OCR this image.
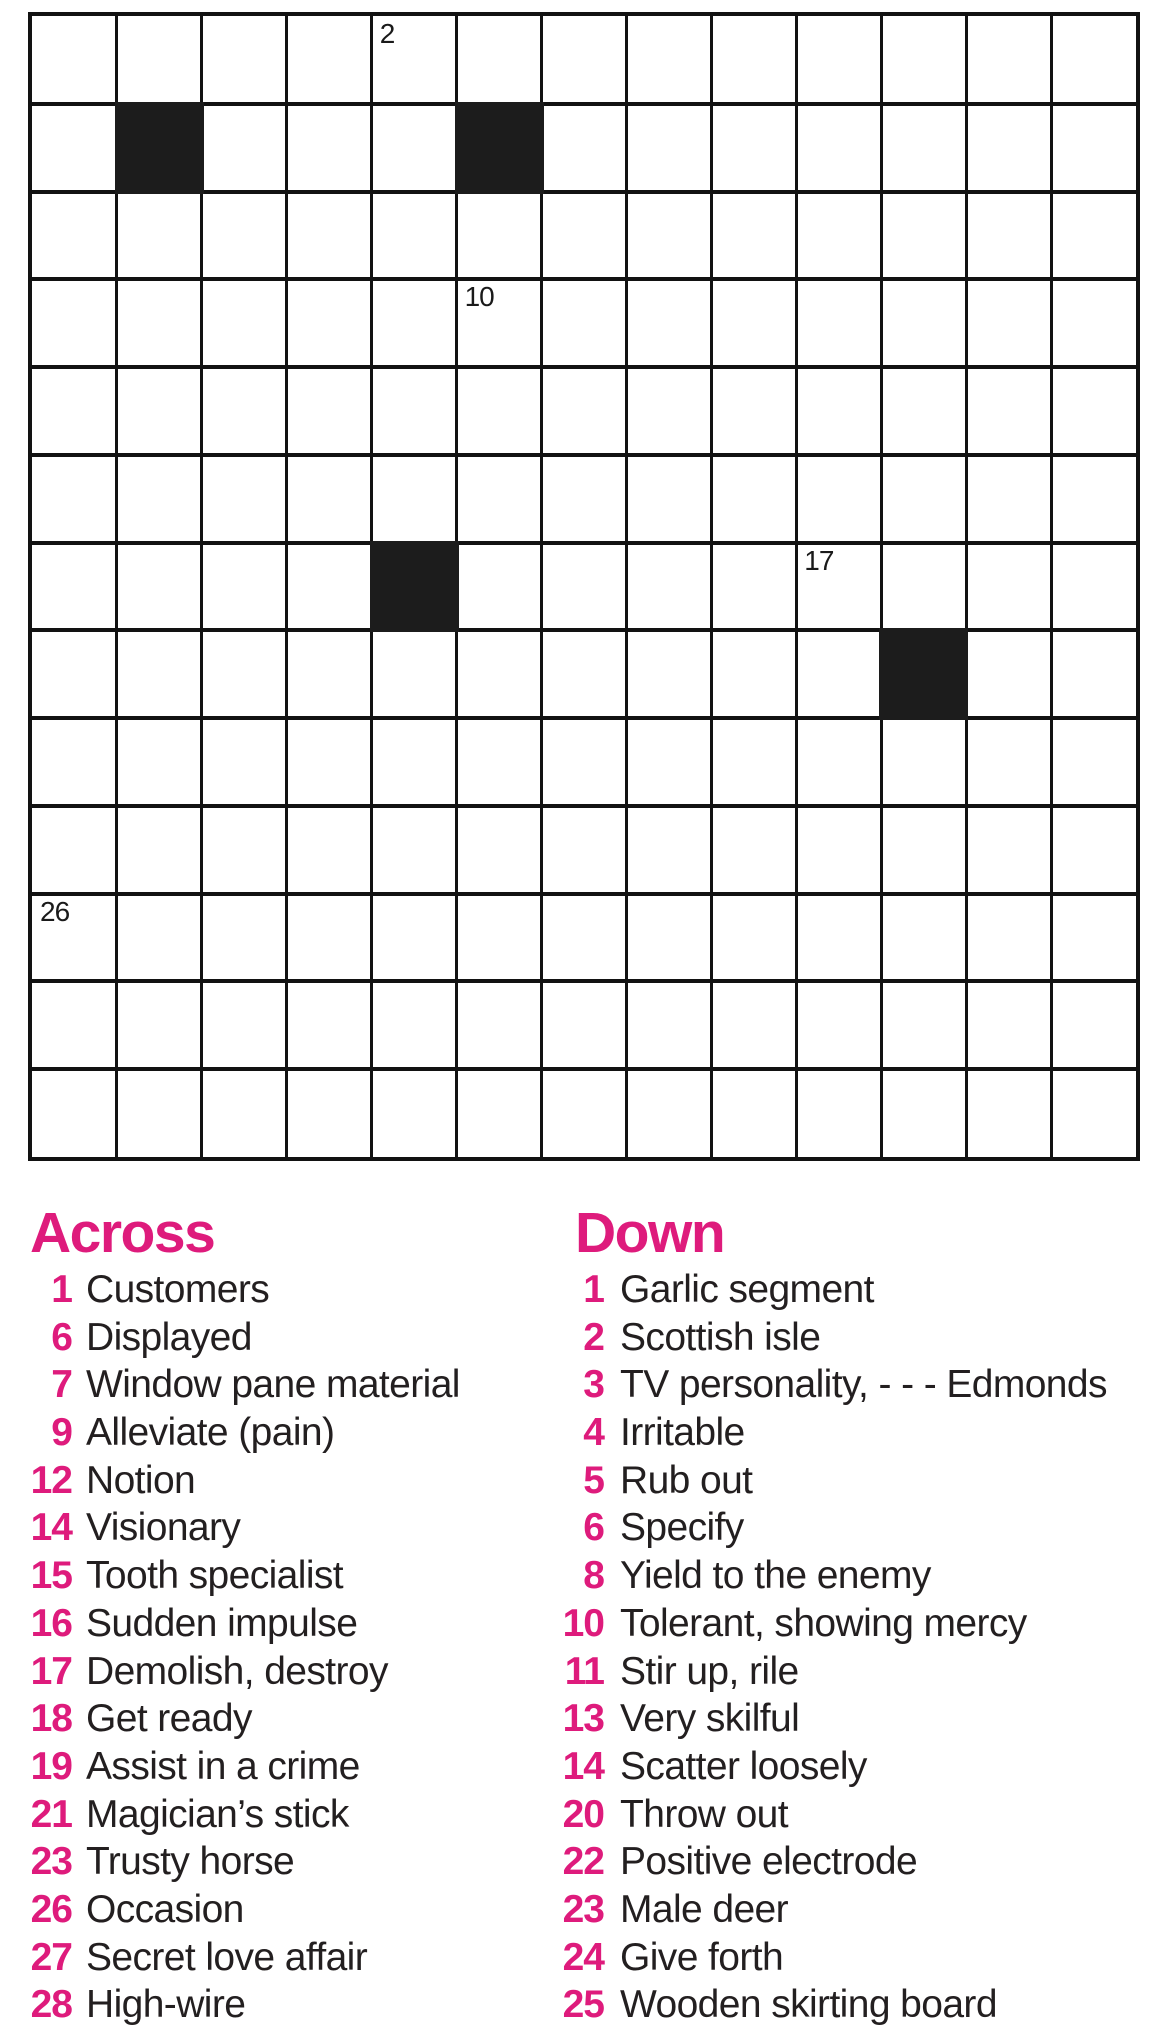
2
10
17
26
Across
1 Customers
6 Displayed
7 Window pane material
9 Alleviate (pain)
12 Notion
14 Visionary
15 Tooth specialist
16 Sudden impulse
17 Demolish, destroy
18 Get ready
19 Assist in a crime
21 Magician’s stick
23 Trusty horse
26 Occasion
27 Secret love affair
28 High-wire
Down
1 Garlic segment
2 Scottish isle
3 TV personality, - - - Edmonds
4 Irritable
5 Rub out
6 Specify
8 Yield to the enemy
10 Tolerant, showing mercy
11 Stir up, rile
13 Very skilful
14 Scatter loosely
20 Throw out
22 Positive electrode
23 Male deer
24 Give forth
25 Wooden skirting board
